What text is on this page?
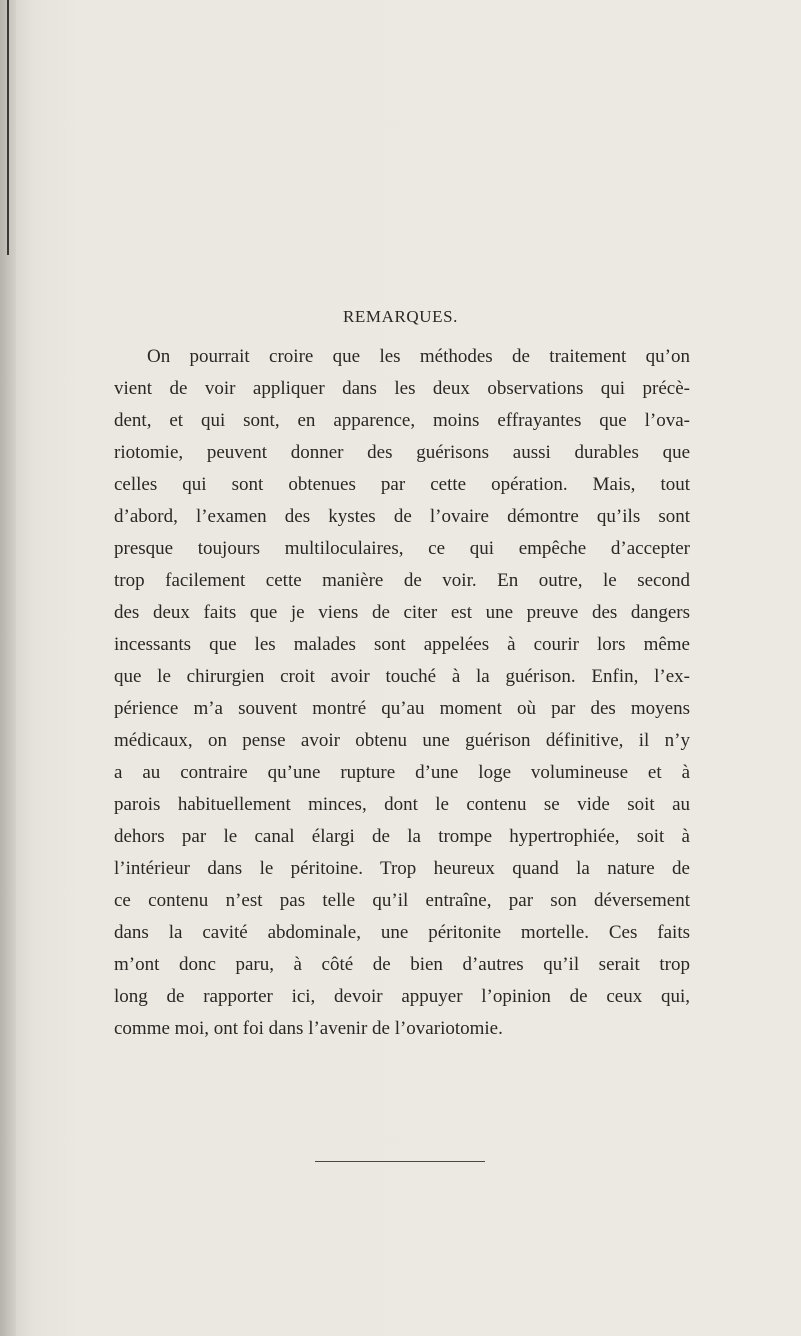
REMARQUES.

On pourrait croire que les méthodes de traitement qu’on
vient de voir appliquer dans les deux observations qui précè-
dent, et qui sont, en apparence, moins effrayantes que l’ova-
riotomie, peuvent donner des guérisons aussi durables que
celles qui sont obtenues par cette opération. Mais, tout
d’abord, l’examen des kystes de l’ovaire démontre qu’ils sont
presque toujours multiloculaires, ce qui empêche d’accepter
trop facilement cette manière de voir. En outre, le second
des deux faits que je viens de citer est une preuve des dangers
incessants que les malades sont appelées à courir lors même
que le chirurgien croit avoir touché à la guérison. Enfin, l’ex-
périence m’a souvent montré qu’au moment où par des moyens
médicaux, on pense avoir obtenu une guérison définitive, il n’y
a au contraire qu’une rupture d’une loge volumineuse et à
parois habituellement minces, dont le contenu se vide soit au
dehors par le canal élargi de la trompe hypertrophiée, soit à
l’intérieur dans le péritoine. Trop heureux quand la nature de
ce contenu n’est pas telle qu’il entraîne, par son déversement
dans la cavité abdominale, une péritonite mortelle. Ces faits
m’ont donc paru, à côté de bien d’autres qu’il serait trop
long de rapporter ici, devoir appuyer l’opinion de ceux qui,
comme moi, ont foi dans l’avenir de l’ovariotomie.
